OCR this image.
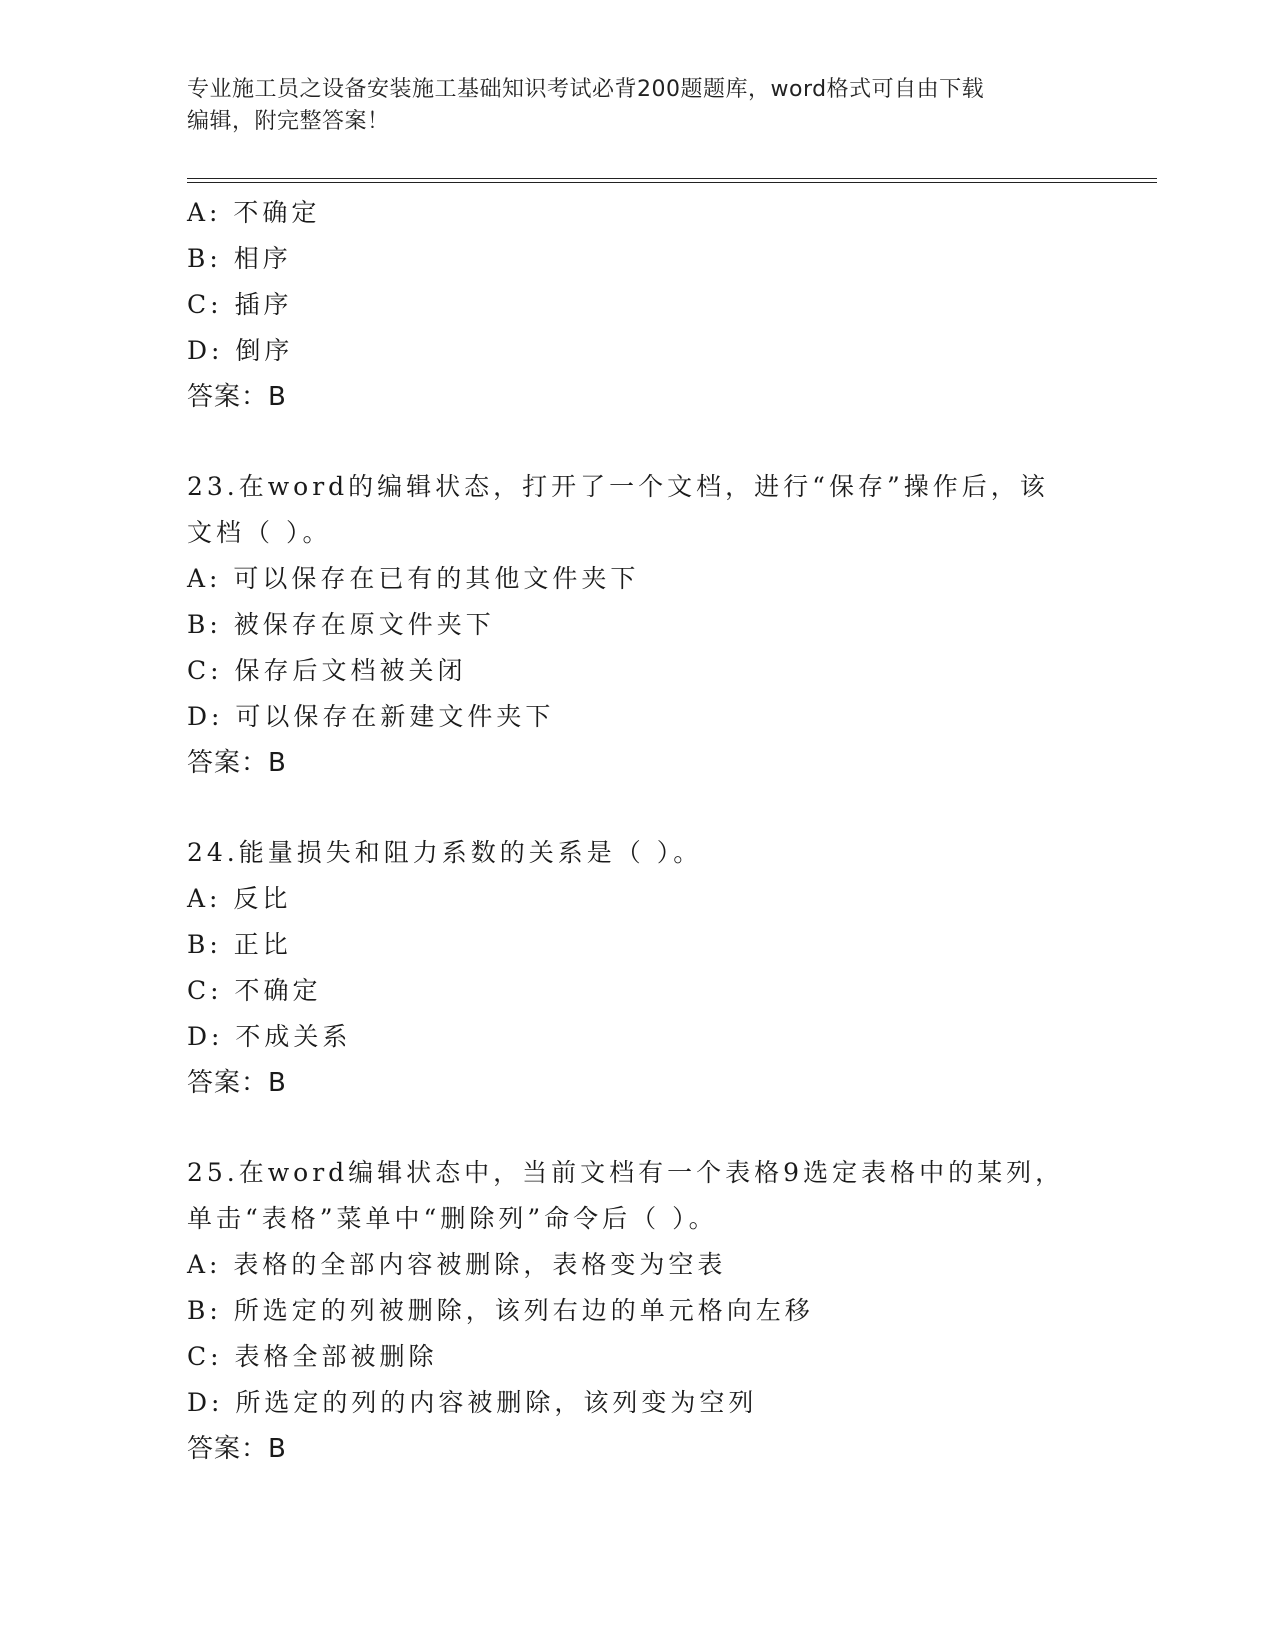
专业施工员之设备安装施工基础知识考试必背200题题库，word格式可自由下载
编辑，附完整答案！
A: 不确定
B: 相序
C: 插序
D: 倒序
答案：B
23.在word的编辑状态，打开了一个文档，进行“保存”操作后，该
文档（ ）。
A: 可以保存在已有的其他文件夹下
B: 被保存在原文件夹下
C: 保存后文档被关闭
D: 可以保存在新建文件夹下
答案：B
24.能量损失和阻力系数的关系是（ ）。
A: 反比
B: 正比
C: 不确定
D: 不成关系
答案：B
25.在word编辑状态中，当前文档有一个表格9选定表格中的某列，
单击“表格”菜单中“删除列”命令后（ ）。
A: 表格的全部内容被删除，表格变为空表
B: 所选定的列被删除，该列右边的单元格向左移
C: 表格全部被删除
D: 所选定的列的内容被删除，该列变为空列
答案：B
